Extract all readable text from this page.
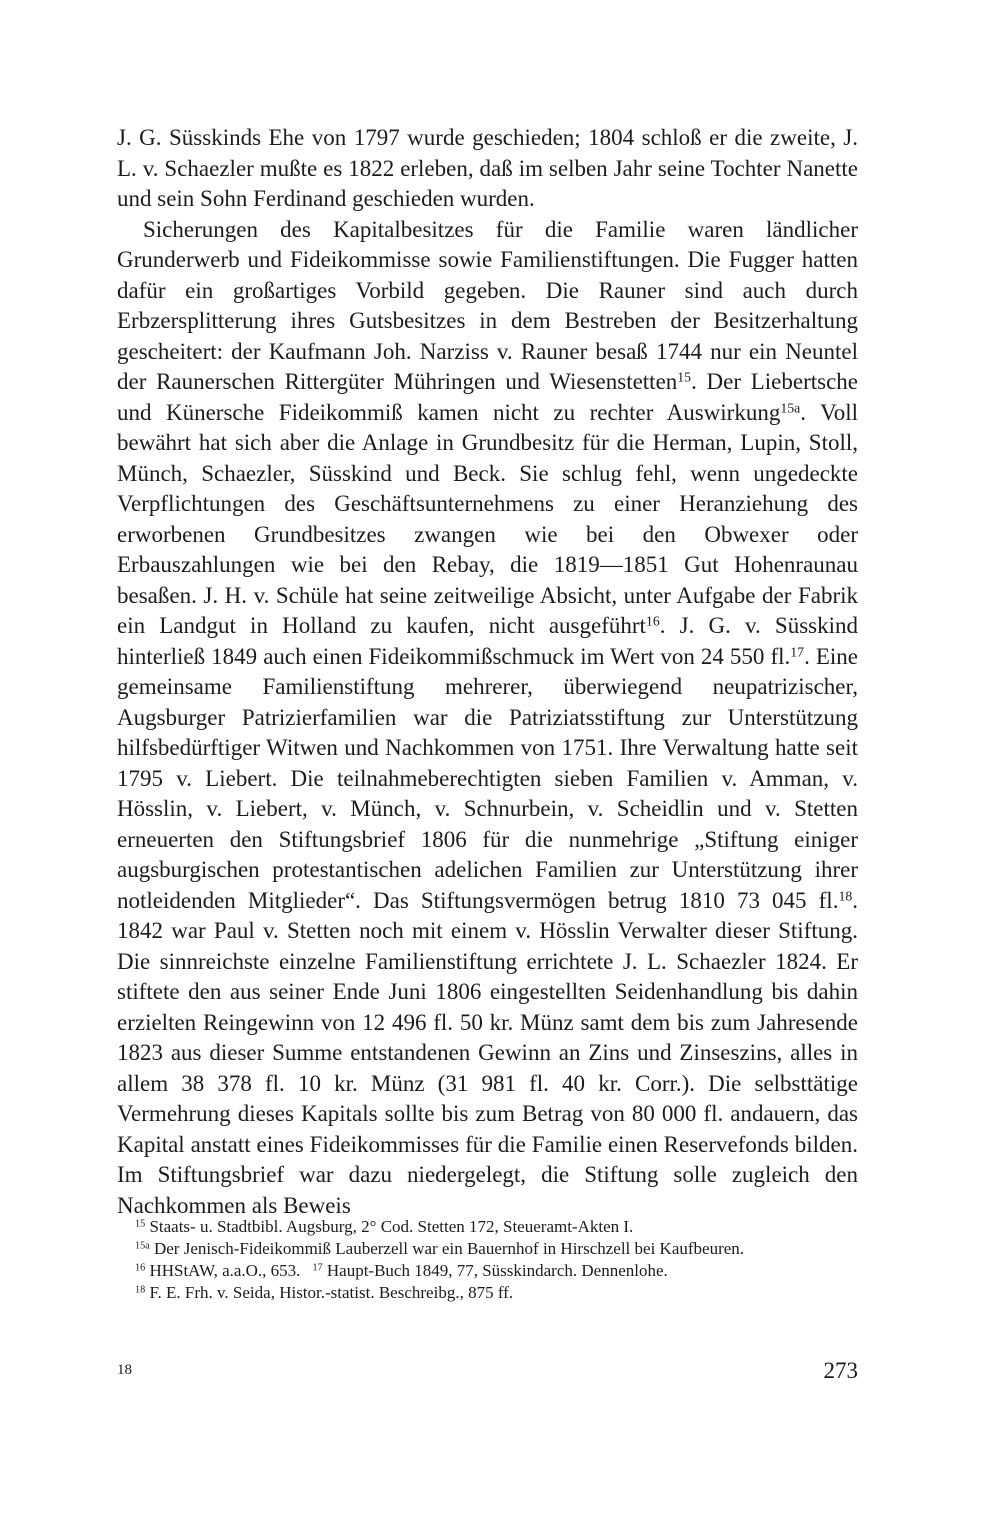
J. G. Süsskinds Ehe von 1797 wurde geschieden; 1804 schloß er die zweite, J. L. v. Schaezler mußte es 1822 erleben, daß im selben Jahr seine Tochter Nanette und sein Sohn Ferdinand geschieden wurden.

Sicherungen des Kapitalbesitzes für die Familie waren ländlicher Grunderwerb und Fideikommisse sowie Familienstiftungen. Die Fugger hatten dafür ein großartiges Vorbild gegeben. Die Rauner sind auch durch Erbzersplitterung ihres Gutsbesitzes in dem Bestreben der Besitzerhaltung gescheitert: der Kaufmann Joh. Narziss v. Rauner besaß 1744 nur ein Neuntel der Raunerschen Rittergüter Mühringen und Wiesenstetten$^{15}$. Der Liebertsche und Künersche Fideikommiß kamen nicht zu rechter Auswirkung$^{15a}$. Voll bewährt hat sich aber die Anlage in Grundbesitz für die Herman, Lupin, Stoll, Münch, Schaezler, Süsskind und Beck. Sie schlug fehl, wenn ungedeckte Verpflichtungen des Geschäftsunternehmens zu einer Heranziehung des erworbenen Grundbesitzes zwangen wie bei den Obwexer oder Erbauszahlungen wie bei den Rebay, die 1819—1851 Gut Hohenraunau besaßen. J. H. v. Schüle hat seine zeitweilige Absicht, unter Aufgabe der Fabrik ein Landgut in Holland zu kaufen, nicht ausgeführt$^{16}$. J. G. v. Süsskind hinterließ 1849 auch einen Fideikommißschmuck im Wert von 24 550 fl.$^{17}$. Eine gemeinsame Familienstiftung mehrerer, überwiegend neupatrizischer, Augsburger Patrizierfamilien war die Patriziatsstiftung zur Unterstützung hilfsbedürftiger Witwen und Nachkommen von 1751. Ihre Verwaltung hatte seit 1795 v. Liebert. Die teilnahmeberechtigten sieben Familien v. Amman, v. Hösslin, v. Liebert, v. Münch, v. Schnurbein, v. Scheidlin und v. Stetten erneuerten den Stiftungsbrief 1806 für die nunmehrige „Stiftung einiger augsburgischen protestantischen adelichen Familien zur Unterstützung ihrer notleidenden Mitglieder“. Das Stiftungsvermögen betrug 1810 73 045 fl.$^{18}$. 1842 war Paul v. Stetten noch mit einem v. Hösslin Verwalter dieser Stiftung. Die sinnreichste einzelne Familienstiftung errichtete J. L. Schaezler 1824. Er stiftete den aus seiner Ende Juni 1806 eingestellten Seidenhandlung bis dahin erzielten Reingewinn von 12 496 fl. 50 kr. Münz samt dem bis zum Jahresende 1823 aus dieser Summe entstandenen Gewinn an Zins und Zinseszins, alles in allem 38 378 fl. 10 kr. Münz (31 981 fl. 40 kr. Corr.). Die selbsttätige Vermehrung dieses Kapitals sollte bis zum Betrag von 80 000 fl. andauern, das Kapital anstatt eines Fideikommisses für die Familie einen Reservefonds bilden. Im Stiftungsbrief war dazu niedergelegt, die Stiftung solle zugleich den Nachkommen als Beweis

$^{15}$ Staats- u. Stadtbibl. Augsburg, 2° Cod. Stetten 172, Steueramt-Akten I.

$^{15a}$ Der Jenisch-Fideikommiß Lauberzell war ein Bauernhof in Hirschzell bei Kaufbeuren.

$^{16}$ HHStAW, a.a.O., 653. $^{17}$ Haupt-Buch 1849, 77, Süsskindarch. Dennenlohe.

$^{18}$ F. E. Frh. v. Seida, Histor.-statist. Beschreibg., 875 ff.

18	273
